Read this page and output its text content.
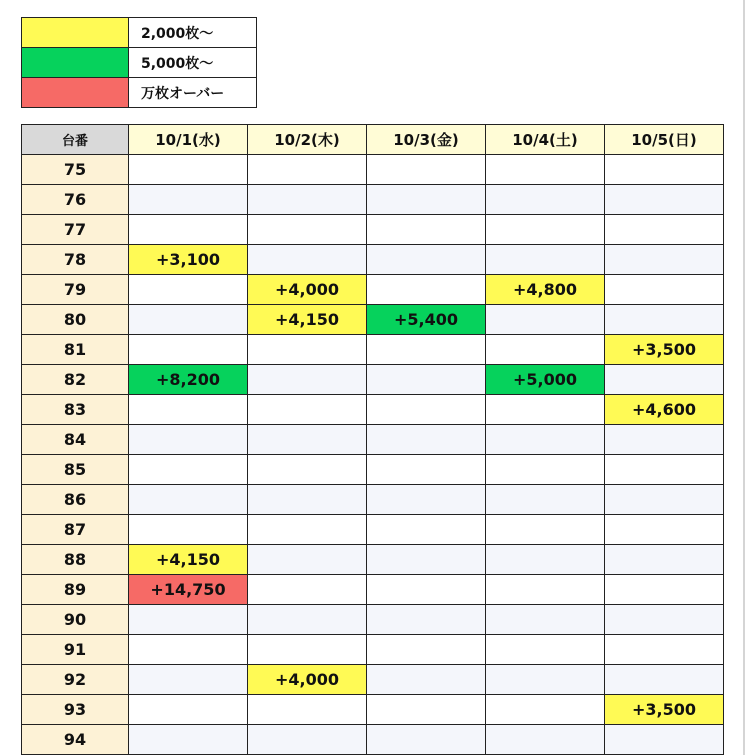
	2,000枚～
	5,000枚～
	万枚オーバー
台番	10/1(水)	10/2(木)	10/3(金)	10/4(土)	10/5(日)
75					
76					
77					
78	+3,100				
79		+4,000		+4,800	
80		+4,150	+5,400		
81					+3,500
82	+8,200			+5,000	
83					+4,600
84					
85					
86					
87					
88	+4,150				
89	+14,750				
90					
91					
92		+4,000			
93					+3,500
94					
